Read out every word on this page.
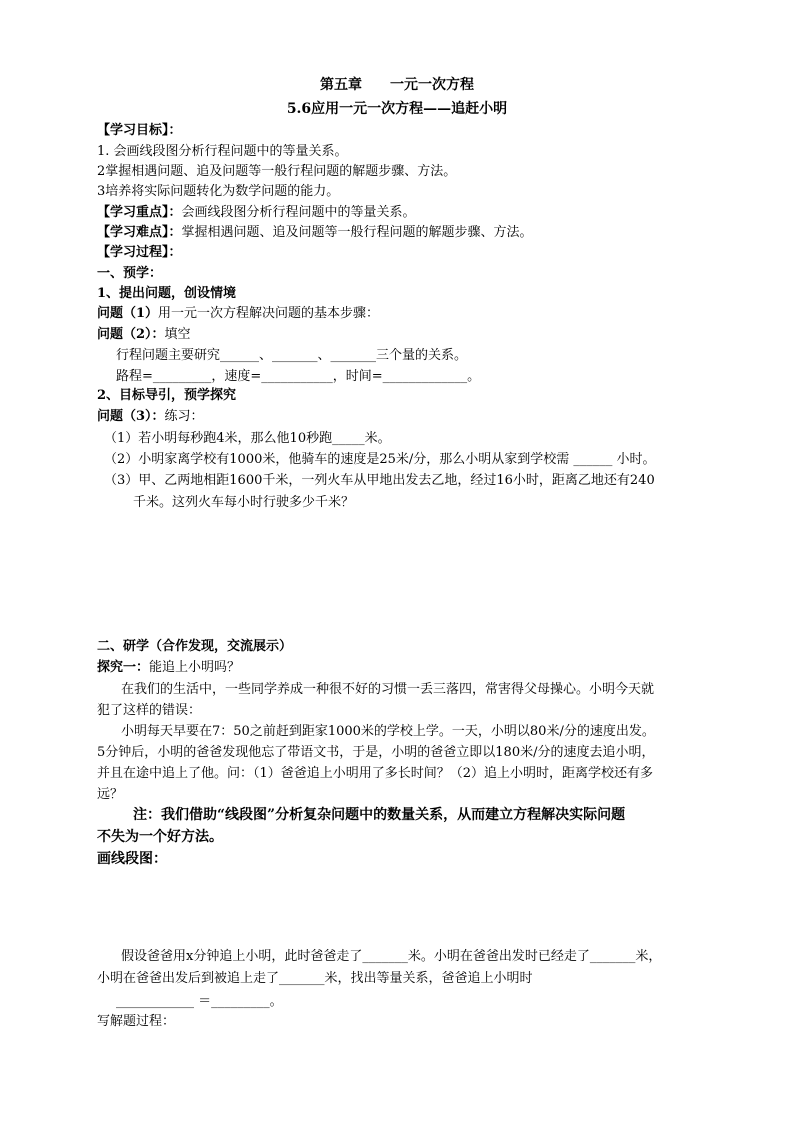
第五章　　一元一次方程
5.6应用一元一次方程——追赶小明
【学习目标】：
1. 会画线段图分析行程问题中的等量关系。
2掌握相遇问题、追及问题等一般行程问题的解题步骤、方法。
3培养将实际问题转化为数学问题的能力。
【学习重点】：会画线段图分析行程问题中的等量关系。
【学习难点】：掌握相遇问题、追及问题等一般行程问题的解题步骤、方法。
【学习过程】：
一、预学：
1、提出问题，创设情境
问题（1）用一元一次方程解决问题的基本步骤：
问题（2）：填空
行程问题主要研究______、_______、_______三个量的关系。
路程=_________，速度=___________，时间=_____________。
2、目标导引，预学探究
问题（3）：练习：
（1）若小明每秒跑4米，那么他10秒跑_____米。
（2）小明家离学校有1000米，他骑车的速度是25米/分，那么小明从家到学校需 ______ 小时。
（3）甲、乙两地相距1600千米，一列火车从甲地出发去乙地，经过16小时，距离乙地还有240
千米。这列火车每小时行驶多少千米？
二、研学（合作发现，交流展示）
探究一：能追上小明吗？
在我们的生活中，一些同学养成一种很不好的习惯一丢三落四，常害得父母操心。小明今天就
犯了这样的错误：
小明每天早要在7：50之前赶到距家1000米的学校上学。一天，小明以80米/分的速度出发。
5分钟后，小明的爸爸发现他忘了带语文书，于是，小明的爸爸立即以180米/分的速度去追小明，
并且在途中追上了他。问：（1）爸爸追上小明用了多长时间？（2）追上小明时，距离学校还有多
远？
注：我们借助“线段图”分析复杂问题中的数量关系，从而建立方程解决实际问题
不失为一个好方法。
画线段图：
假设爸爸用x分钟追上小明，此时爸爸走了_______米。小明在爸爸出发时已经走了_______米，
小明在爸爸出发后到被追上走了_______米，找出等量关系，爸爸追上小明时
____________ ＝_________。
写解题过程：
